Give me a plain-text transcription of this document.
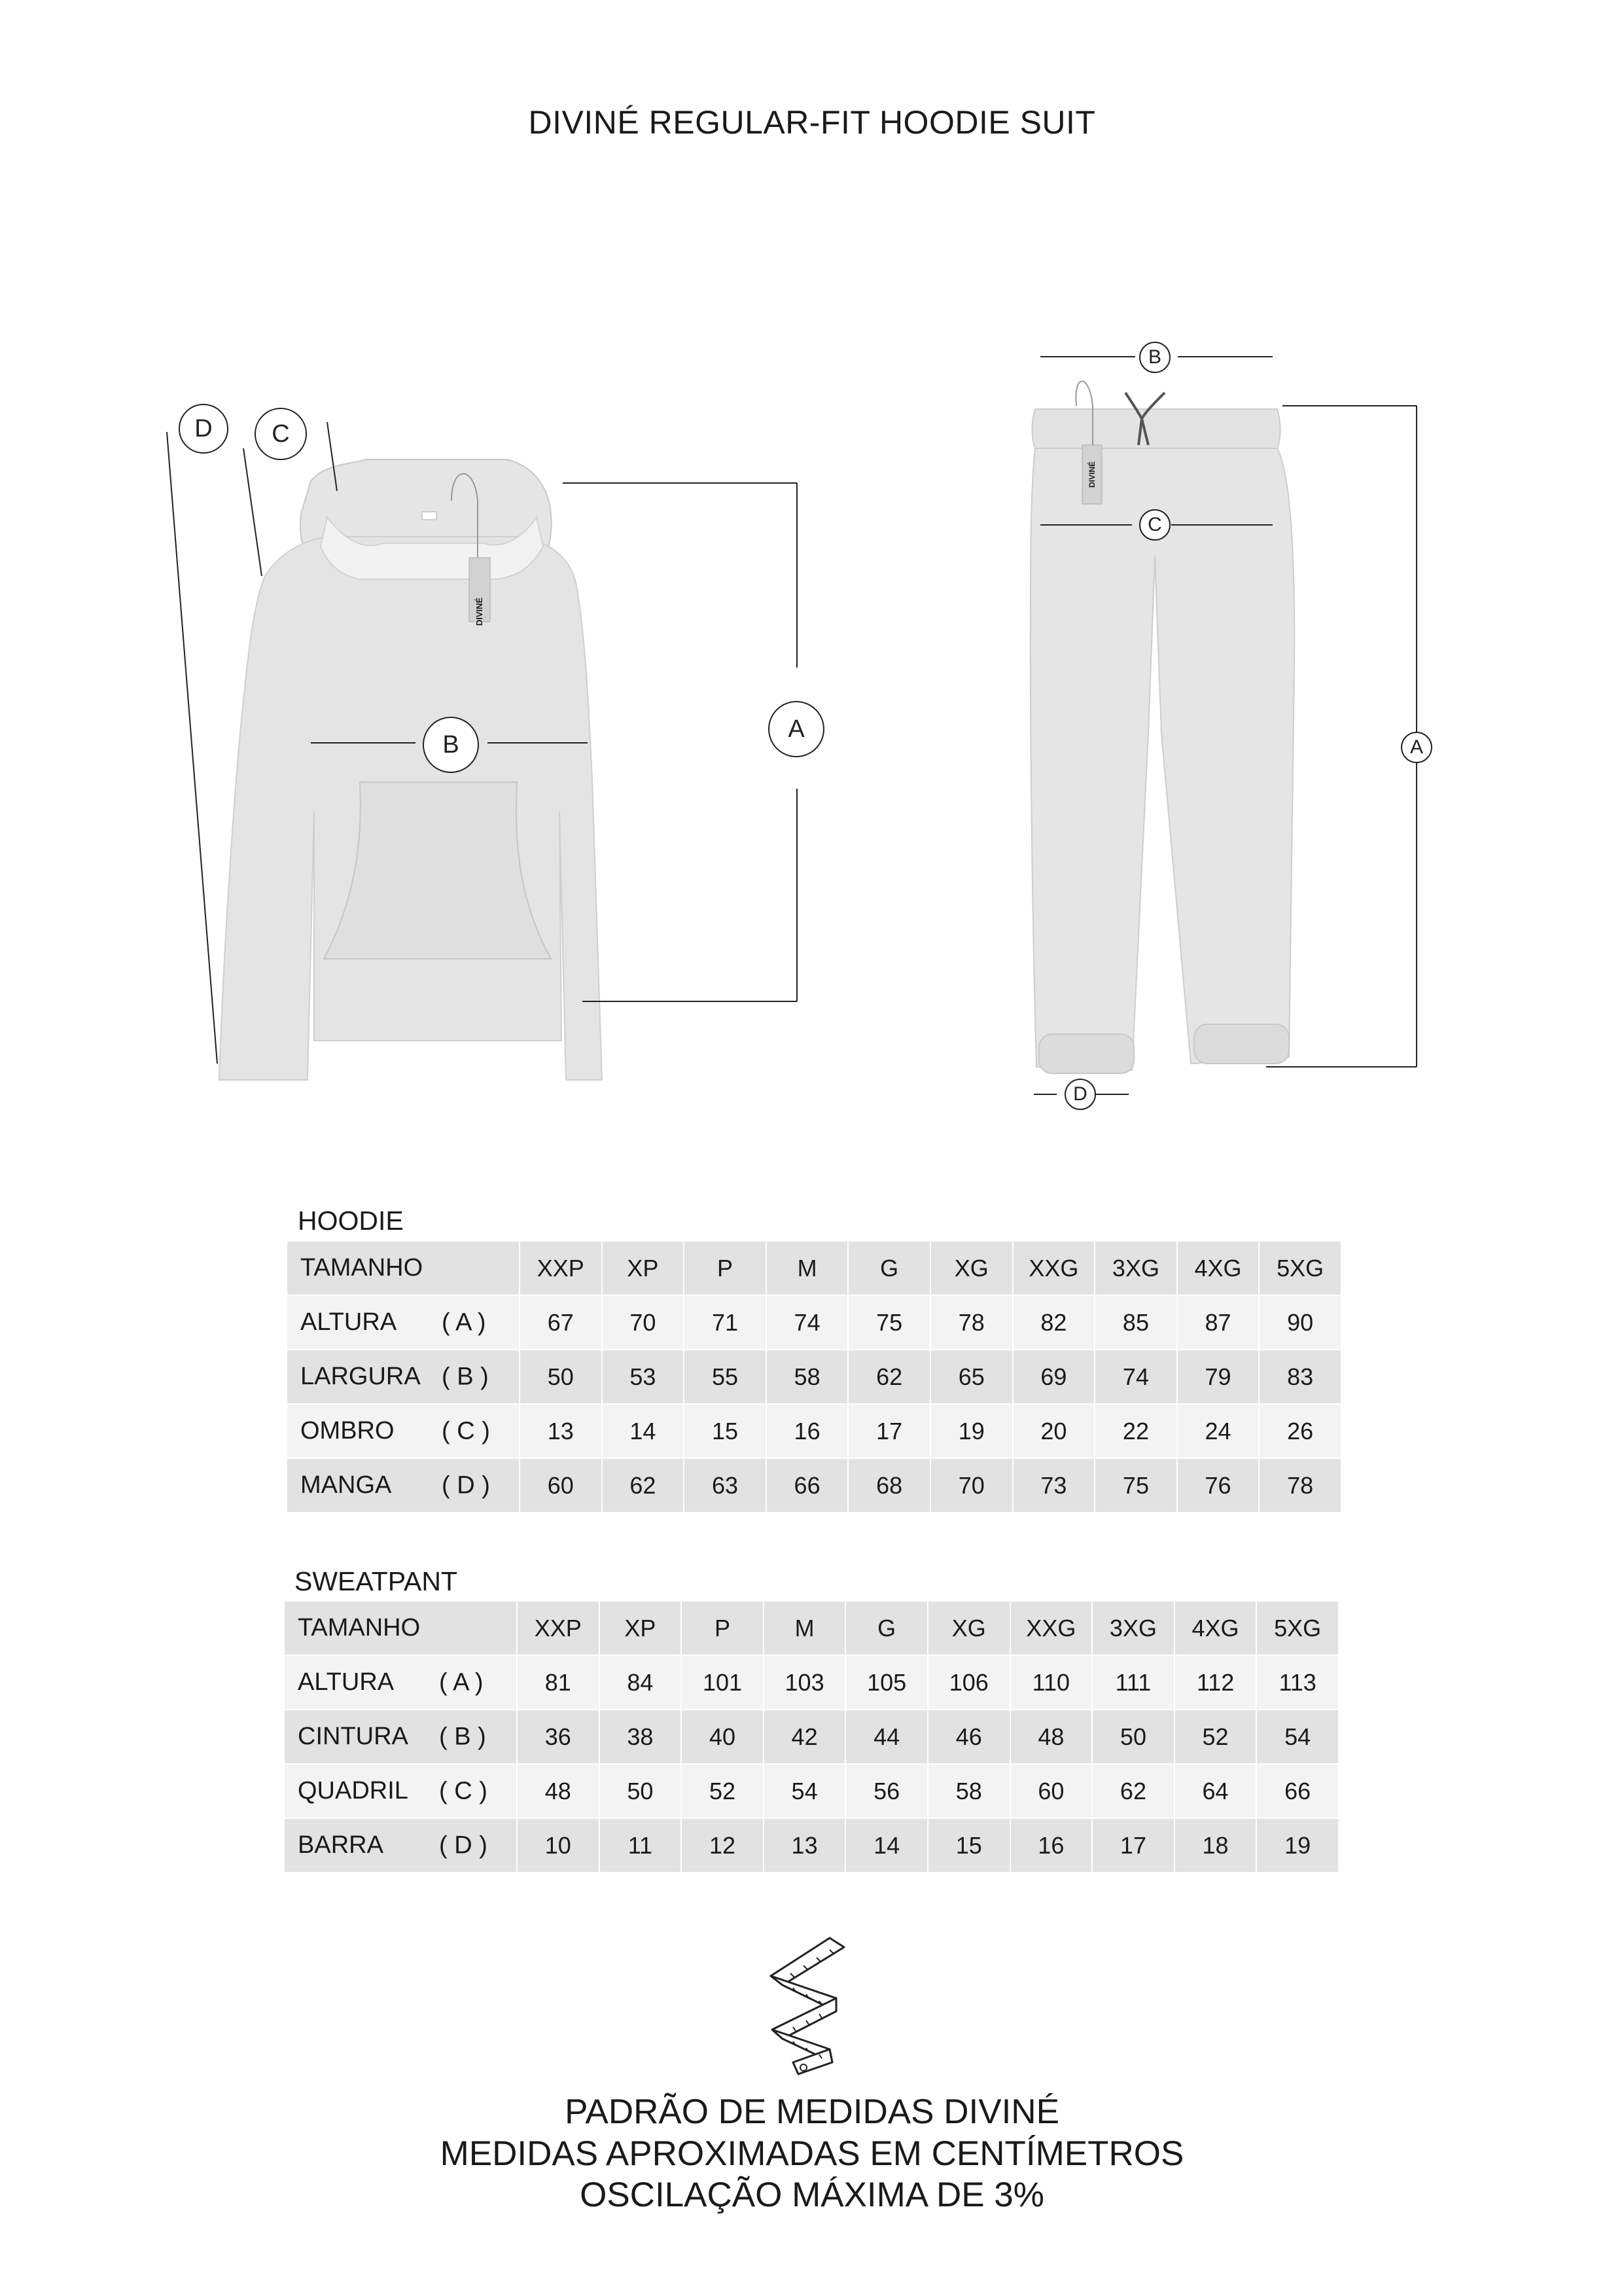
DIVINÉ REGULAR-FIT HOODIE SUIT
D	C
B
A
DIVINÉ
B
C
A
D
DIVINÉ
HOODIE
TAMANHO	XXP	XP	P	M	G	XG	XXG	3XG	4XG	5XG
ALTURA ( A )	67	70	71	74	75	78	82	85	87	90
LARGURA ( B )	50	53	55	58	62	65	69	74	79	83
OMBRO ( C )	13	14	15	16	17	19	20	22	24	26
MANGA ( D )	60	62	63	66	68	70	73	75	76	78
SWEATPANT
TAMANHO	XXP	XP	P	M	G	XG	XXG	3XG	4XG	5XG
ALTURA ( A )	81	84	101	103	105	106	110	111	112	113
CINTURA ( B )	36	38	40	42	44	46	48	50	52	54
QUADRIL ( C )	48	50	52	54	56	58	60	62	64	66
BARRA ( D )	10	11	12	13	14	15	16	17	18	19
PADRÃO DE MEDIDAS DIVINÉ
MEDIDAS APROXIMADAS EM CENTÍMETROS
OSCILAÇÃO MÁXIMA DE 3%
